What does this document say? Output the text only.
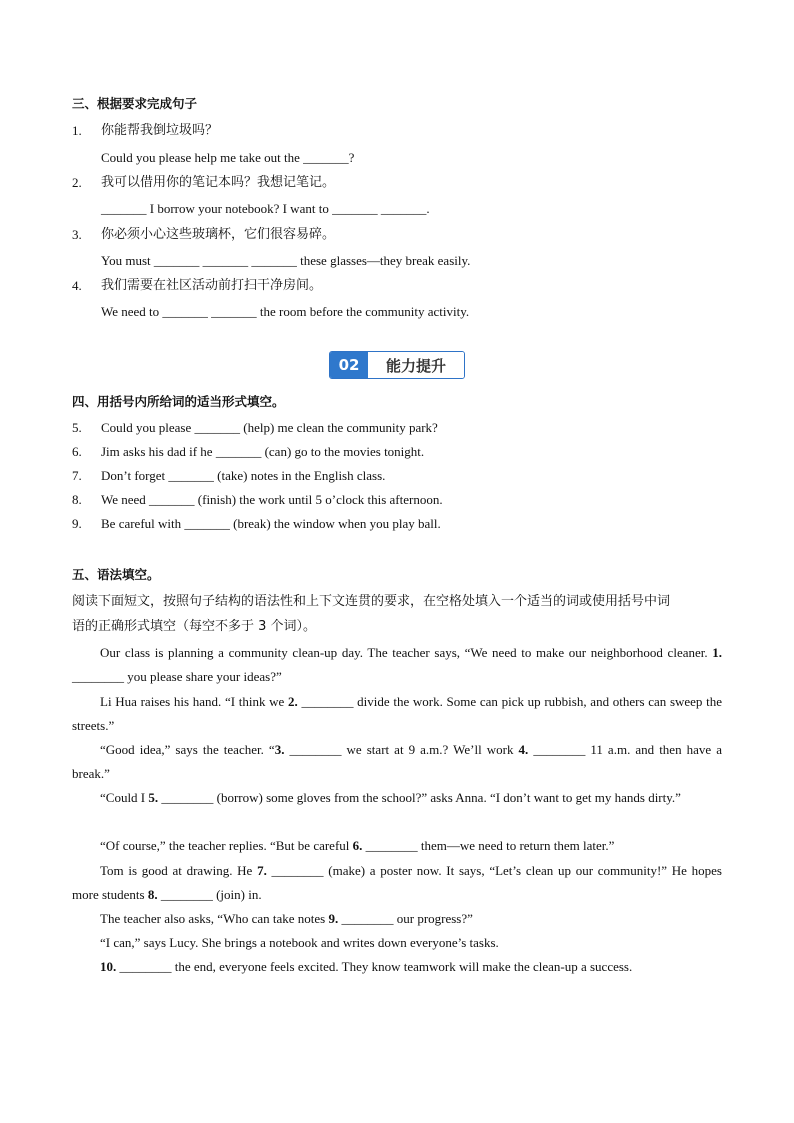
三、根据要求完成句子
1. 你能帮我倒垃圾吗？
Could you please help me take out the _______?
2. 我可以借用你的笔记本吗？我想记笔记。
_______ I borrow your notebook? I want to _______ _______.
3. 你必须小心这些玻璃杯，它们很容易碎。
You must _______ _______ _______ these glasses—they break easily.
4. 我们需要在社区活动前打扫干净房间。
We need to _______ _______ the room before the community activity.
02	能力提升
四、用括号内所给词的适当形式填空。
5. Could you please _______ (help) me clean the community park?
6. Jim asks his dad if he _______ (can) go to the movies tonight.
7. Don’t forget _______ (take) notes in the English class.
8. We need _______ (finish) the work until 5 o’clock this afternoon.
9. Be careful with _______ (break) the window when you play ball.
五、语法填空。
阅读下面短文，按照句子结构的语法性和上下文连贯的要求，在空格处填入一个适当的词或使用括号中词
语的正确形式填空（每空不多于 3 个词）。
Our class is planning a community clean-up day. The teacher says, “We need to make our neighborhood cleaner. 1. ________ you please share your ideas?”
Li Hua raises his hand. “I think we 2. ________ divide the work. Some can pick up rubbish, and others can sweep the streets.”
“Good idea,” says the teacher. “3. ________ we start at 9 a.m.? We’ll work 4. ________ 11 a.m. and then have a break.”
“Could I 5. ________ (borrow) some gloves from the school?” asks Anna. “I don’t want to get my hands dirty.”
“Of course,” the teacher replies. “But be careful 6. ________ them—we need to return them later.”
Tom is good at drawing. He 7. ________ (make) a poster now. It says, “Let’s clean up our community!” He hopes more students 8. ________ (join) in.
The teacher also asks, “Who can take notes 9. ________ our progress?”
“I can,” says Lucy. She brings a notebook and writes down everyone’s tasks.
10. ________ the end, everyone feels excited. They know teamwork will make the clean-up a success.
